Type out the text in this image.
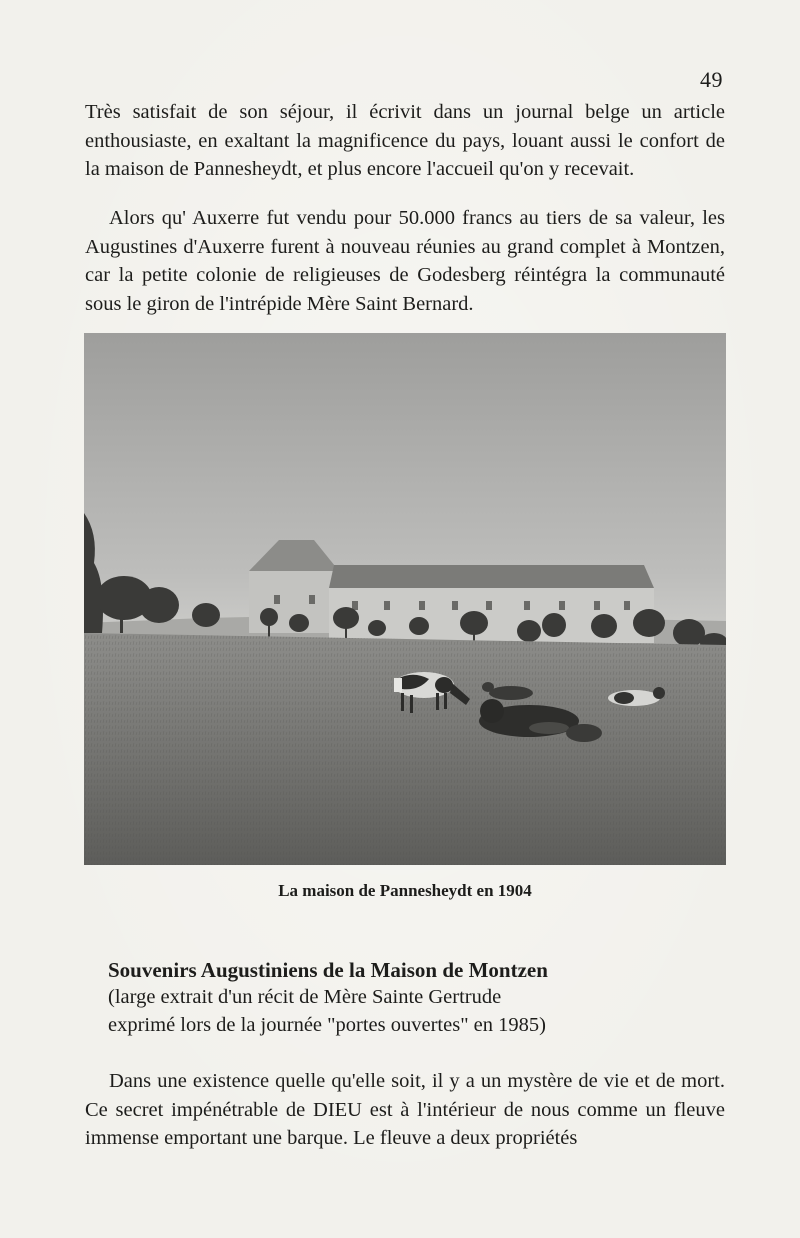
49

Très satisfait de son séjour, il écrivit dans un journal belge un article enthousiaste, en exaltant la magnificence du pays, louant aussi le confort de la maison de Pannesheydt, et plus encore l'accueil qu'on y recevait.

Alors qu' Auxerre fut vendu pour 50.000 francs au tiers de sa valeur, les Augustines d'Auxerre furent à nouveau réunies au grand complet à Montzen, car la petite colonie de religieuses de Godesberg réintégra la communauté sous le giron de l'intrépide Mère Saint Bernard.

La maison de Pannesheydt en 1904

Souvenirs Augustiniens de la Maison de Montzen

(large extrait d'un récit de Mère Sainte Gertrude

exprimé lors de la journée "portes ouvertes" en 1985)

Dans une existence quelle qu'elle soit, il y a un mystère de vie et de mort. Ce secret impénétrable de DIEU est à l'intérieur de nous comme un fleuve immense emportant une barque. Le fleuve a deux propriétés
